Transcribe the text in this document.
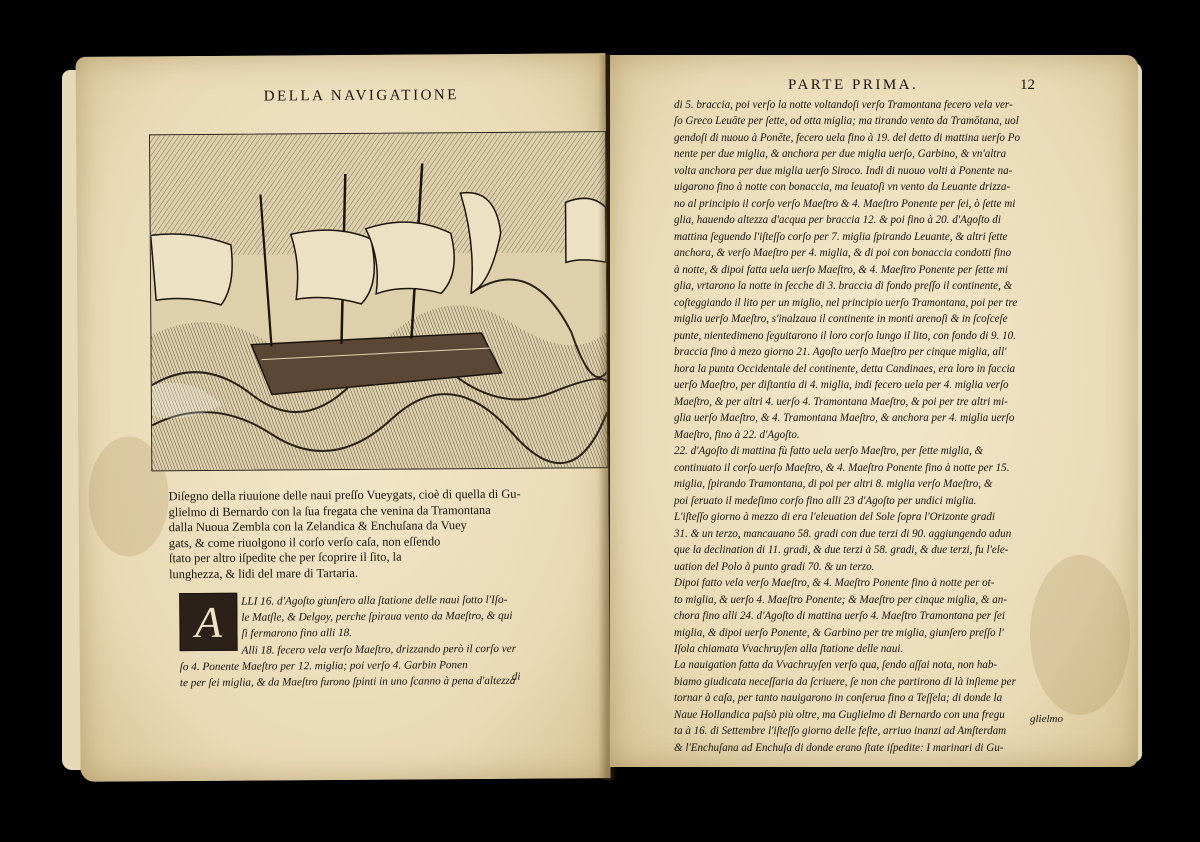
DELLA NAVIGATIONE

Diſegno della riuuione delle naui preſſo Vueygats, cioè di quella di Gu-

glielmo di Bernardo con la ſua fregata che venina da Tramontana

dalla Nuoua Zembla con la Zelandica & Enchuſana da Vuey

gats, & come riuolgono il corſo verſo caſa, non eſſendo

ſtato per altro iſpedite che per ſcoprire il ſito, la

lunghezza, & lidi del mare di Tartaria.

A	LLI 16. d'Agoſto giunſero alla ſtatione delle naui ſotto l'Iſo-
le Matſle, & Delgoy, perche ſpiraua vento da Maeſtro, & qui
ſi fermarono fino alli 18.
Alli 18. fecero vela verſo Maeſtro, drizzando però il corſo ver
ſo 4. Ponente Maeſtro per 12. miglia; poi verſo 4. Garbin Ponen
te per ſei miglia, & da Maeſtro furono ſpinti in uno ſcanno à pena d'altezza
di
PARTE PRIMA.	12
di 5. braccia, poi verſo la notte voltandoſi verſo Tramontana fecero vela ver-
ſo Greco Leuāte per ſette, od otta miglia; ma tirando vento da Tramōtana, uol
gendoſi di nuouo à Ponēte, fecero uela fino à 19. del detto di mattina uerſo Po
nente per due miglia, & anchora per due miglia uerſo, Garbino, & vn'altra
volta anchora per due miglia uerſo Siroco. Indi di nuouo volti à Ponente na-
uigarono fino à notte con bonaccia, ma leuatoſi vn vento da Leuante drizza-
no al principio il corſo verſo Maeſtro & 4. Maeſtro Ponente per ſei, ò ſette mi
glia, hauendo altezza d'acqua per braccia 12. & poi fino à 20. d'Agoſto di
mattina ſeguendo l'iſteſſo corſo per 7. miglia ſpirando Leuante, & altri ſette
anchora, & verſo Maeſtro per 4. miglia, & di poi con bonaccia condotti fino
à notte, & dipoi fatta uela uerſo Maeſtro, & 4. Maeſtro Ponente per ſette mi
glia, vrtarono la notte in ſecche di 3. braccia di fondo preſſo il continente, &
coſteggiando il lito per un miglio, nel principio uerſo Tramontana, poi per tre
miglia uerſo Maeſtro, s'inalzaua il continente in monti arenoſi & in ſcoſceſe
punte, nientedimeno ſeguitarono il loro corſo lungo il lito, con fondo di 9. 10.
braccia fino à mezo giorno 21. Agoſto uerſo Maeſtro per cinque miglia, all'
hora la punta Occidentale del continente, detta Candinaes, era loro in faccia
uerſo Maeſtro, per diſtantia di 4. miglia, indi fecero uela per 4. miglia verſo
Maeſtro, & per altri 4. uerſo 4. Tramontana Maeſtro, & poi per tre altri mi-
glia uerſo Maeſtro, & 4. Tramontana Maeſtro, & anchora per 4. miglia uerſo
Maeſtro, fino à 22. d'Agoſto.
22. d'Agoſto di mattina fù fatto uela uerſo Maeſtro, per ſette miglia, &
continuato il corſo uerſo Maeſtro, & 4. Maeſtro Ponente fino à notte per 15.
miglia, ſpirando Tramontana, di poi per altri 8. miglia verſo Maeſtro, &
poi ſeruato il medeſimo corſo fino alli 23 d'Agoſto per undici miglia.
L'iſteſſo giorno à mezzo di era l'eleuation del Sole ſopra l'Orizonte gradi
31. & un terzo, mancauano 58. gradi con due terzi di 90. aggiungendo adun
que la declination di 11. gradi, & due terzi à 58. gradi, & due terzi, fu l'ele-
uation del Polo à punto gradi 70. & un terzo.
Dipoi fatto vela verſo Maeſtro, & 4. Maeſtro Ponente fino à notte per ot-
to miglia, & uerſo 4. Maeſtro Ponente; & Maeſtro per cinque miglia, & an-
chora fino alli 24. d'Agoſto di mattina uerſo 4. Maeſtro Tramontana per ſei
miglia, & dipoi uerſo Ponente, & Garbino per tre miglia, giunſero preſſo l'
Iſola chiamata Vvachruyſen alla ſtatione delle naui.
La nauigation fatta da Vvachruyſen verſo qua, ſendo aſſai nota, non hab-
biamo giudicata neceſſaria da ſcriuere, ſe non che partirono di là inſieme per
tornar à caſa, per tanto nauigarono in conſerua fino a Teſſela; di donde la
Naue Hollandica paſsò più oltre, ma Guglielmo di Bernardo con una fregu
ta à 16. di Settembre l'iſteſſo giorno delle feſte, arriuo inanzi ad Amſterdam
& l'Enchuſana ad Enchuſa di donde erano ſtate iſpedite: I marinari di Gu-
glielmo
